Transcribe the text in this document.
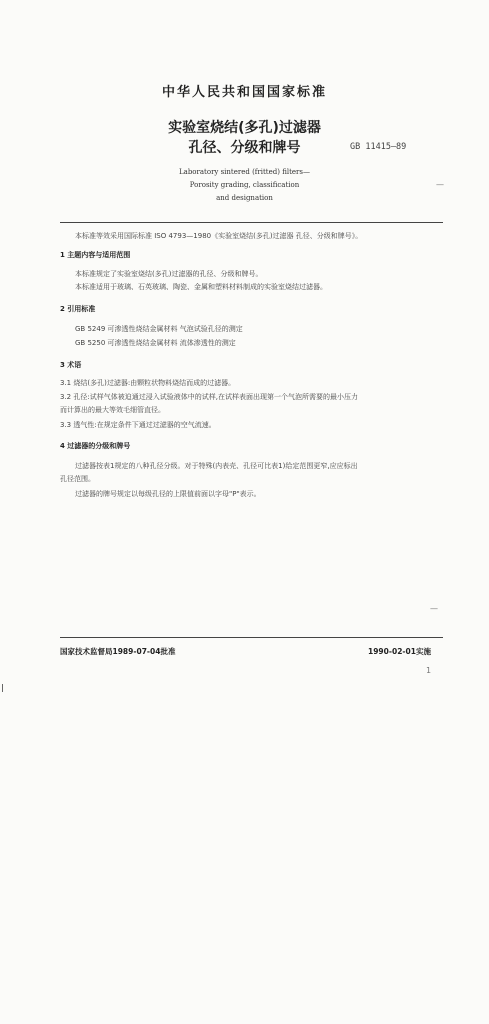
中华人民共和国国家标准
实验室烧结(多孔)过滤器
孔径、分级和牌号	GB 11415—89
Laboratory sintered (fritted) filters—
Porosity grading, classification
and designation
本标准等效采用国际标准 ISO 4793—1980《实验室烧结(多孔)过滤器 孔径、分级和牌号》。
1 主题内容与适用范围
本标准规定了实验室烧结(多孔)过滤器的孔径、分级和牌号。
本标准适用于玻璃、石英玻璃、陶瓷、金属和塑料材料制成的实验室烧结过滤器。
2 引用标准
GB 5249 可渗透性烧结金属材料 气泡试验孔径的测定
GB 5250 可渗透性烧结金属材料 流体渗透性的测定
3 术语
3.1 烧结(多孔)过滤器:由颗粒状物料烧结而成的过滤器。
3.2 孔径:试样气体被迫通过浸入试验液体中的试样,在试样表面出现第一个气泡所需要的最小压力
而计算出的最大等效毛细管直径。
3.3 透气性:在规定条件下通过过滤器的空气流速。
4 过滤器的分级和牌号
过滤器按表1规定的八种孔径分级。对于特殊(内表壳、孔径可比表1)给定范围更窄,应应标出
孔径范围。
过滤器的牌号规定以每级孔径的上限值前面以字母"P"表示。
—
—
国家技术监督局1989-07-04批准	1990-02-01实施
1
